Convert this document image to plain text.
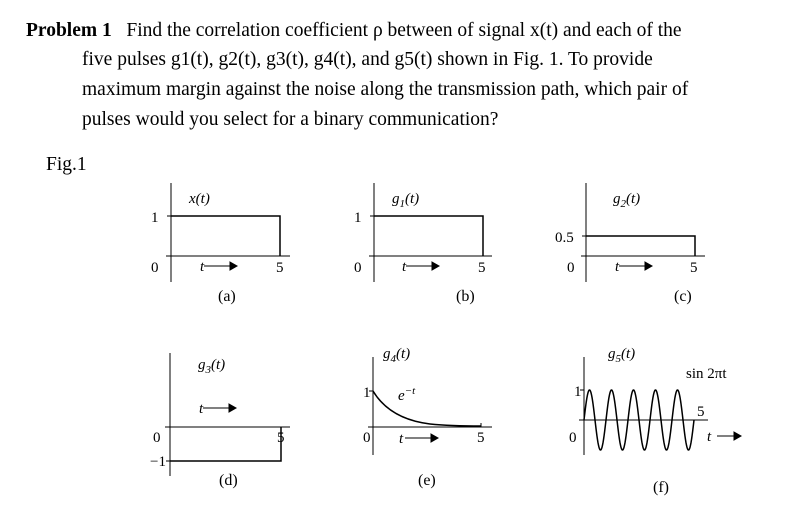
Problem 1 Find the correlation coefficient ρ between of signal x(t) and each of the
five pulses g1(t), g2(t), g3(t), g4(t), and g5(t) shown in Fig. 1. To provide
maximum margin against the noise along the transmission path, which pair of
pulses would you select for a binary communication?
Fig.1
x(t)
1
0	5
t
(a)
$g_1(t)$
1
0	5
t
(b)
$g_2(t)$
0.5
0	5
t
(c)
$g_3(t)$
−1
0	5
t
(d)
$g_4(t)$
1
0	5
t
$e^{-t}$
(e)
$g_5(t)$
1
0
5
t
sin 2πt
(f)
